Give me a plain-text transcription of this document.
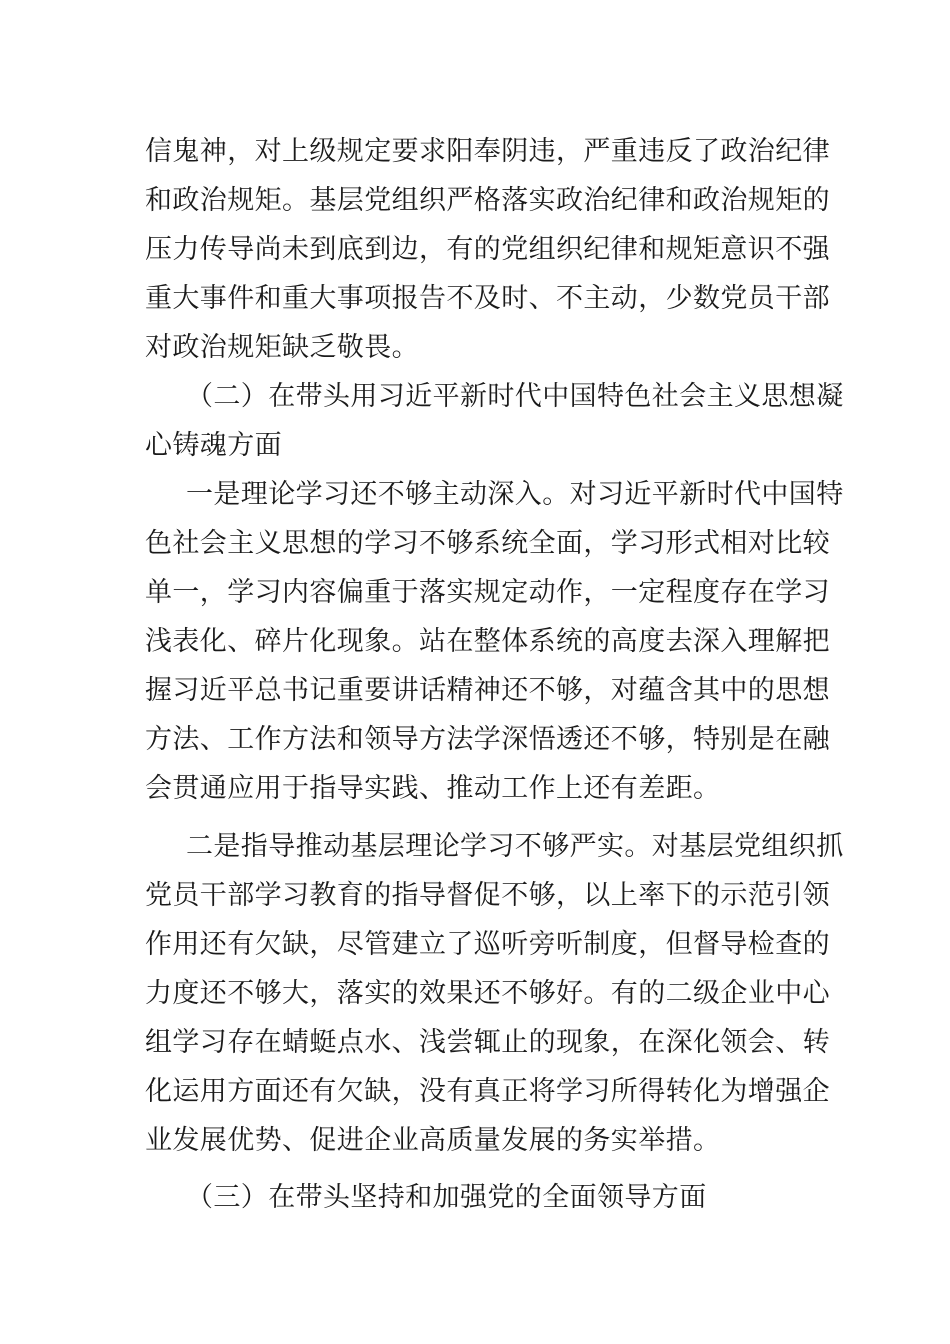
信鬼神，对上级规定要求阳奉阴违，严重违反了政治纪律
和政治规矩。基层党组织严格落实政治纪律和政治规矩的
压力传导尚未到底到边，有的党组织纪律和规矩意识不强
重大事件和重大事项报告不及时、不主动，少数党员干部
对政治规矩缺乏敬畏。
（二）在带头用习近平新时代中国特色社会主义思想凝
心铸魂方面
一是理论学习还不够主动深入。对习近平新时代中国特
色社会主义思想的学习不够系统全面，学习形式相对比较
单一，学习内容偏重于落实规定动作，一定程度存在学习
浅表化、碎片化现象。站在整体系统的高度去深入理解把
握习近平总书记重要讲话精神还不够，对蕴含其中的思想
方法、工作方法和领导方法学深悟透还不够，特别是在融
会贯通应用于指导实践、推动工作上还有差距。
二是指导推动基层理论学习不够严实。对基层党组织抓
党员干部学习教育的指导督促不够，以上率下的示范引领
作用还有欠缺，尽管建立了巡听旁听制度，但督导检查的
力度还不够大，落实的效果还不够好。有的二级企业中心
组学习存在蜻蜓点水、浅尝辄止的现象，在深化领会、转
化运用方面还有欠缺，没有真正将学习所得转化为增强企
业发展优势、促进企业高质量发展的务实举措。
（三）在带头坚持和加强党的全面领导方面
